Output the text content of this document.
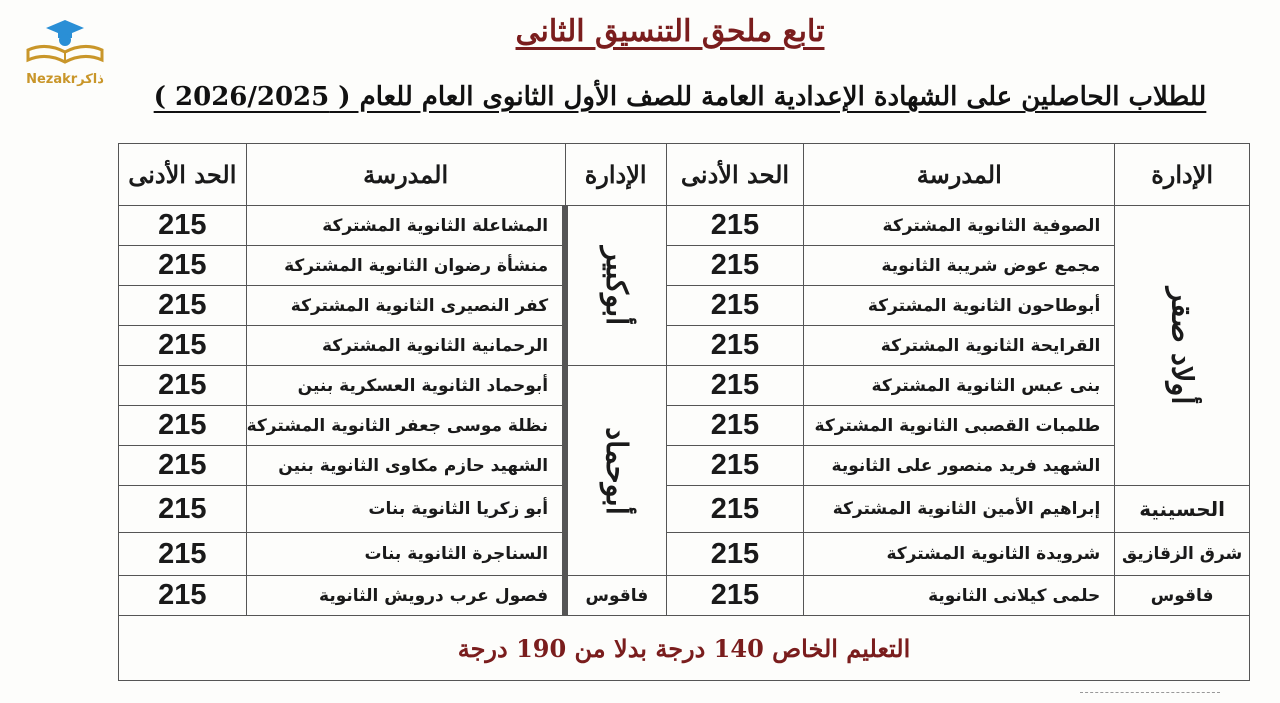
Nezakrذاكر
تابع ملحق التنسيق الثانى
للطلاب الحاصلين على الشهادة الإعدادية العامة للصف الأول الثانوى العام للعام ( 2026/2025 )
الإدارة	المدرسة	الحد الأدنى	الإدارة	المدرسة	الحد الأدنى
أولاد صقر	الصوفية الثانوية المشتركة	215	أبوكبير	المشاعلة الثانوية المشتركة	215
	مجمع عوض شريبة الثانوية	215		منشأة رضوان الثانوية المشتركة	215
	أبوطاحون الثانوية المشتركة	215		كفر النصيرى الثانوية المشتركة	215
	القرايحة الثانوية المشتركة	215		الرحمانية الثانوية المشتركة	215
	بنى عبس الثانوية المشتركة	215	أبوحماد	أبوحماد الثانوية العسكرية بنين	215
	طلمبات القصبى الثانوية المشتركة	215		نظلة موسى جعفر الثانوية المشتركة	215
	الشهيد فريد منصور على الثانوية	215		الشهيد حازم مكاوى الثانوية بنين	215
الحسينية	إبراهيم الأمين الثانوية المشتركة	215		أبو زكريا الثانوية بنات	215
شرق الزقازيق	شرويدة الثانوية المشتركة	215		السناجرة الثانوية بنات	215
فاقوس	حلمى كيلانى الثانوية	215	فاقوس	فصول عرب درويش الثانوية	215
التعليم الخاص 140 درجة بدلا من 190 درجة					
